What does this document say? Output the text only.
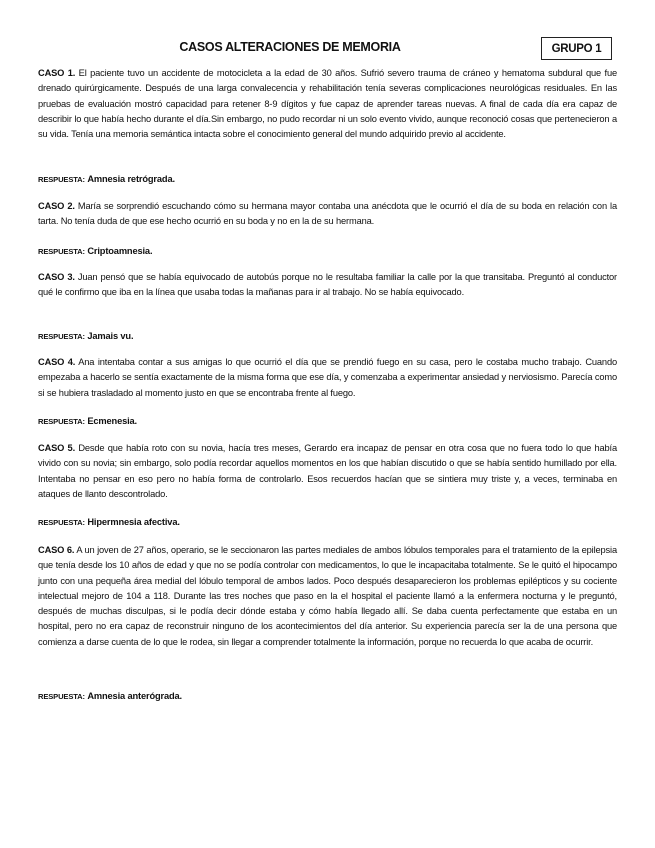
CASOS ALTERACIONES DE MEMORIA	GRUPO 1
CASO 1. El paciente tuvo un accidente de motocicleta a la edad de 30 años. Sufrió severo trauma de cráneo y hematoma subdural que fue drenado quirúrgicamente. Después de una larga convalecencia y rehabilitación tenía severas complicaciones neurológicas residuales. En las pruebas de evaluación mostró capacidad para retener 8-9 dígitos y fue capaz de aprender tareas nuevas. A final de cada día era capaz de describir lo que había hecho durante el día.Sin embargo, no pudo recordar ni un solo evento vivido, aunque reconoció cosas que pertenecieron a su vida. Tenía una memoria semántica intacta sobre el conocimiento general del mundo adquirido previo al accidente.
RESPUESTA: Amnesia retrógrada.
CASO 2. María se sorprendió escuchando cómo su hermana mayor contaba una anécdota que le ocurrió el día de su boda en relación con la tarta. No tenía duda de que ese hecho ocurrió en su boda y no en la de su hermana.
RESPUESTA: Criptoamnesia.
CASO 3. Juan pensó que se había equivocado de autobús porque no le resultaba familiar la calle por la que transitaba. Preguntó al conductor qué le confirmo que iba en la línea que usaba todas la mañanas para ir al trabajo. No se había equivocado.
RESPUESTA: Jamais vu.
CASO 4. Ana intentaba contar a sus amigas lo que ocurrió el día que se prendió fuego en su casa, pero le costaba mucho trabajo. Cuando empezaba a hacerlo se sentía exactamente de la misma forma que ese día, y comenzaba a experimentar ansiedad y nerviosismo. Parecía como si se hubiera trasladado al momento justo en que se encontraba frente al fuego.
RESPUESTA: Ecmenesia.
CASO 5. Desde que había roto con su novia, hacía tres meses, Gerardo era incapaz de pensar en otra cosa que no fuera todo lo que había vivido con su novia; sin embargo, solo podía recordar aquellos momentos en los que habían discutido o que se había sentido humillado por ella. Intentaba no pensar en eso pero no había forma de controlarlo. Esos recuerdos hacían que se sintiera muy triste y, a veces, terminaba en ataques de llanto descontrolado.
RESPUESTA: Hipermnesia afectiva.
CASO 6. A un joven de 27 años, operario, se le seccionaron las partes mediales de ambos lóbulos temporales para el tratamiento de la epilepsia que tenía desde los 10 años de edad y que no se podía controlar con medicamentos, lo que le incapacitaba totalmente. Se le quitó el hipocampo junto con una pequeña área medial del lóbulo temporal de ambos lados. Poco después desaparecieron los problemas epilépticos y su cociente intelectual mejoro de 104 a 118. Durante las tres noches que paso en la el hospital el paciente llamó a la enfermera nocturna y le preguntó, después de muchas disculpas, si le podía decir dónde estaba y cómo había llegado allí. Se daba cuenta perfectamente que estaba en un hospital, pero no era capaz de reconstruir ninguno de los acontecimientos del día anterior. Su experiencia parecía ser la de una persona que comienza a darse cuenta de lo que le rodea, sin llegar a comprender totalmente la información, porque no recuerda lo que acaba de ocurrir.
RESPUESTA: Amnesia anterógrada.
